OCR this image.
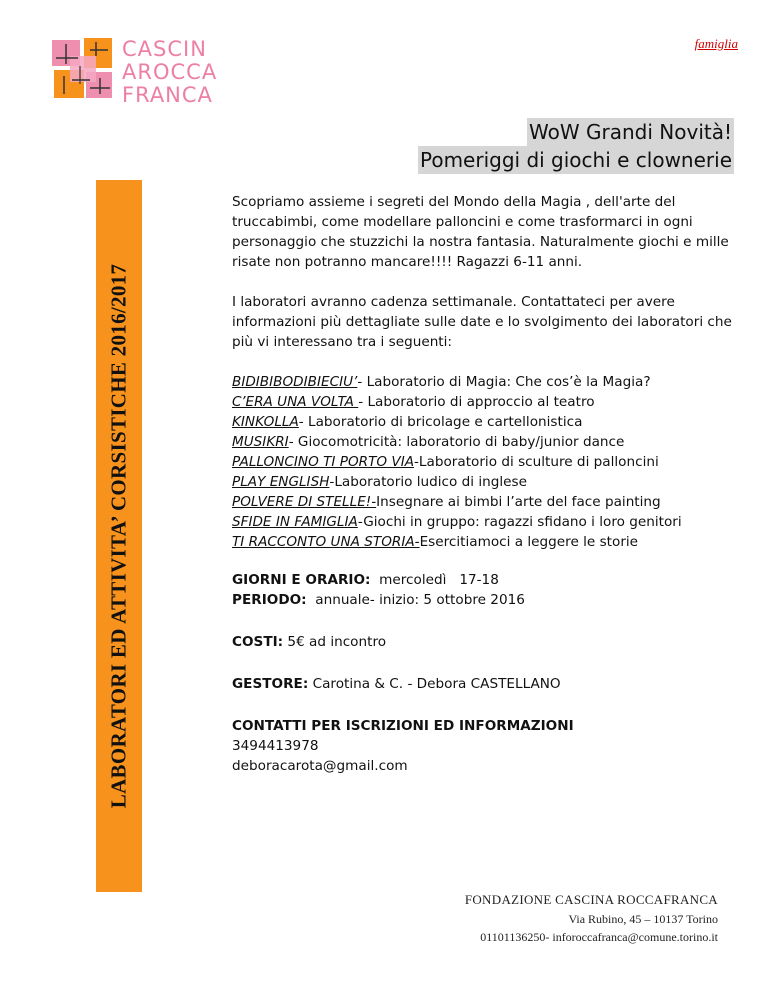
CASCIN
AROCCA
FRANCA
famiglia
WoW Grandi Novità!
Pomeriggi di giochi e clownerie
LABORATORI ED ATTIVITA’ CORSISTICHE 2016/2017

Scopriamo assieme i segreti del Mondo della Magia , dell'arte del truccabimbi, come modellare palloncini e come trasformarci in ogni personaggio che stuzzichi la nostra fantasia. Naturalmente giochi e mille risate non potranno mancare!!!! Ragazzi 6-11 anni.

I laboratori avranno cadenza settimanale. Contattateci per avere informazioni più dettagliate sulle date e lo svolgimento dei laboratori che più vi interessano tra i seguenti:

BIDIBIBODIBIECIU’- Laboratorio di Magia: Che cos’è la Magia?
C’ERA UNA VOLTA - Laboratorio di approccio al teatro
KINKOLLA- Laboratorio di bricolage e cartellonistica
MUSIKRI- Giocomotricità: laboratorio di baby/junior dance
PALLONCINO TI PORTO VIA-Laboratorio di sculture di palloncini
PLAY ENGLISH-Laboratorio ludico di inglese
POLVERE DI STELLE!-Insegnare ai bimbi l’arte del face painting
SFIDE IN FAMIGLIA-Giochi in gruppo: ragazzi sfidano i loro genitori
TI RACCONTO UNA STORIA-Esercitiamoci a leggere le storie
GIORNI E ORARIO:  mercoledì   17-18
PERIODO:  annuale- inizio: 5 ottobre 2016
COSTI: 5€ ad incontro
GESTORE: Carotina & C. - Debora CASTELLANO
CONTATTI PER ISCRIZIONI ED INFORMAZIONI
3494413978
deboracarota@gmail.com
FONDAZIONE CASCINA ROCCAFRANCA
Via Rubino, 45 – 10137 Torino
01101136250- inforoccafranca@comune.torino.it
